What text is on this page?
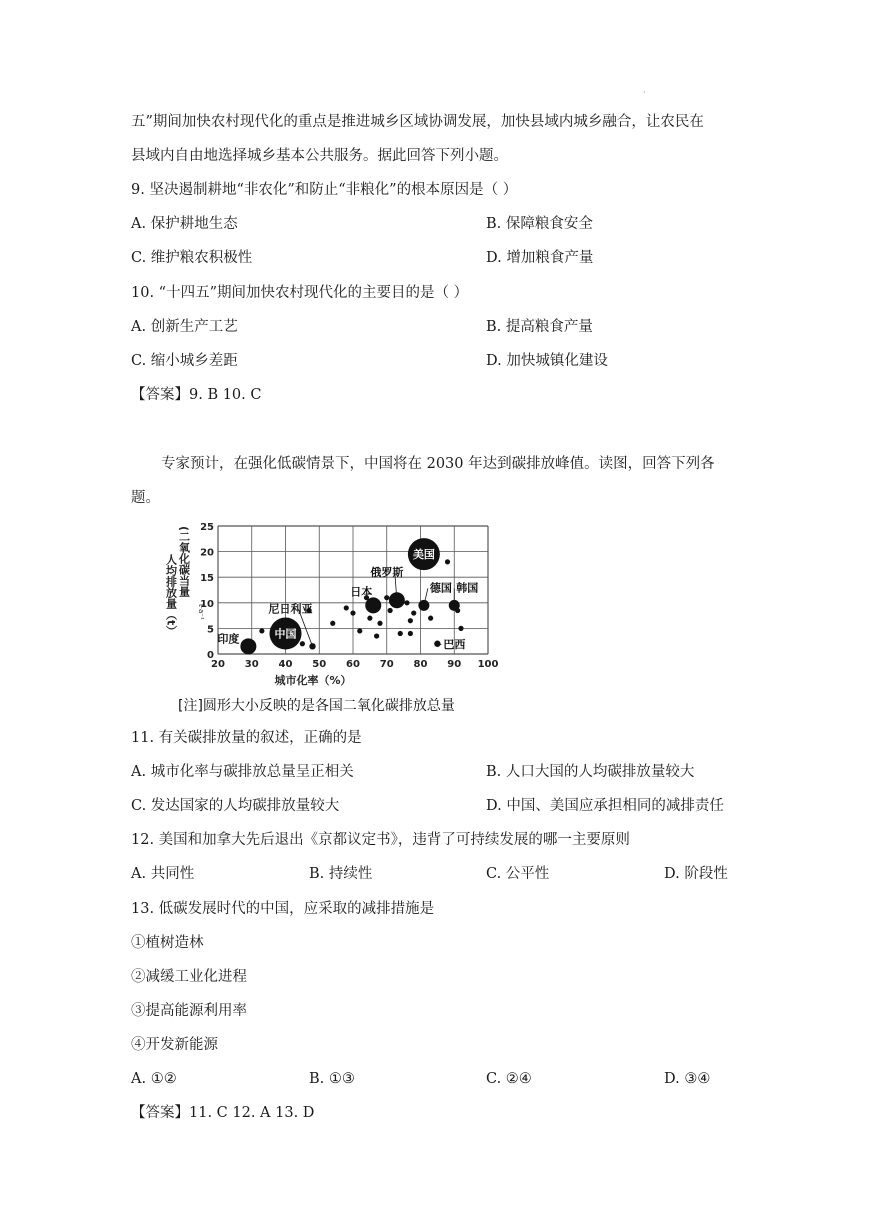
·
五”期间加快农村现代化的重点是推进城乡区域协调发展，加快县域内城乡融合，让农民在
县域内自由地选择城乡基本公共服务。据此回答下列小题。
9. 坚决遏制耕地“非农化”和防止“非粮化”的根本原因是（ ）
A. 保护耕地生态	B. 保障粮食安全
C. 维护粮农积极性	D. 增加粮食产量
10. “十四五”期间加快农村现代化的主要目的是（ ）
A. 创新生产工艺	B. 提高粮食产量
C. 缩小城乡差距	D. 加快城镇化建设
【答案】9. B 10. C
专家预计，在强化低碳情景下，中国将在 2030 年达到碳排放峰值。读图，回答下列各
题。
0
5
10
15
20
25
20 30 40 50 60 70 80 90 100
美国
中国
俄罗斯
日本	德国 韩国
印度
尼日利亚
巴西
(二氧化碳当量
人均排放量（t）	t·a⁻¹
城市化率（%）
[注]圆形大小反映的是各国二氧化碳排放总量
11. 有关碳排放量的叙述，正确的是
A. 城市化率与碳排放总量呈正相关	B. 人口大国的人均碳排放量较大
C. 发达国家的人均碳排放量较大	D. 中国、美国应承担相同的减排责任
12. 美国和加拿大先后退出《京都议定书》，违背了可持续发展的哪一主要原则
A. 共同性	B. 持续性	C. 公平性	D. 阶段性
13. 低碳发展时代的中国，应采取的减排措施是
①植树造林
②减缓工业化进程
③提高能源利用率
④开发新能源
A. ①②	B. ①③	C. ②④	D. ③④
【答案】11. C 12. A 13. D
